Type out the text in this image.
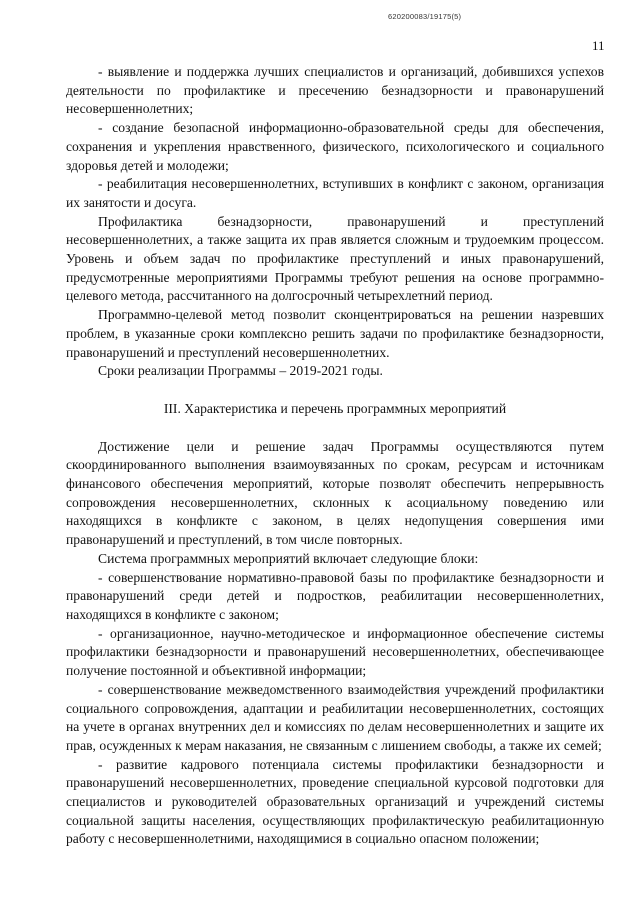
620200083/19175(5)
11

- выявление и поддержка лучших специалистов и организаций, добившихся успехов деятельности по профилактике и пресечению безнадзорности и правонарушений несовершеннолетних;

- создание безопасной информационно-образовательной среды для обеспечения, сохранения и укрепления нравственного, физического, психологического и социального здоровья детей и молодежи;

- реабилитация несовершеннолетних, вступивших в конфликт с законом, организация их занятости и досуга.

Профилактика безнадзорности, правонарушений и преступлений несовершеннолетних, а также защита их прав является сложным и трудоемким процессом. Уровень и объем задач по профилактике преступлений и иных правонарушений, предусмотренные мероприятиями Программы требуют решения на основе программно-целевого метода, рассчитанного на долгосрочный четырехлетний период.

Программно-целевой метод позволит сконцентрироваться на решении назревших проблем, в указанные сроки комплексно решить задачи по профилактике безнадзорности, правонарушений и преступлений несовершеннолетних.

Сроки реализации Программы – 2019-2021 годы.

III. Характеристика и перечень программных мероприятий

Достижение цели и решение задач Программы осуществляются путем скоординированного выполнения взаимоувязанных по срокам, ресурсам и источникам финансового обеспечения мероприятий, которые позволят обеспечить непрерывность сопровождения несовершеннолетних, склонных к асоциальному поведению или находящихся в конфликте с законом, в целях недопущения совершения ими правонарушений и преступлений, в том числе повторных.

Система программных мероприятий включает следующие блоки:

- совершенствование нормативно-правовой базы по профилактике безнадзорности и правонарушений среди детей и подростков, реабилитации несовершеннолетних, находящихся в конфликте с законом;

- организационное, научно-методическое и информационное обеспечение системы профилактики безнадзорности и правонарушений несовершеннолетних, обеспечивающее получение постоянной и объективной информации;

- совершенствование межведомственного взаимодействия учреждений профилактики социального сопровождения, адаптации и реабилитации несовершеннолетних, состоящих на учете в органах внутренних дел и комиссиях по делам несовершеннолетних и защите их прав, осужденных к мерам наказания, не связанным с лишением свободы, а также их семей;

- развитие кадрового потенциала системы профилактики безнадзорности и правонарушений несовершеннолетних, проведение специальной курсовой подготовки для специалистов и руководителей образовательных организаций и учреждений системы социальной защиты населения, осуществляющих профилактическую реабилитационную работу с несовершеннолетними, находящимися в социально опасном положении;
